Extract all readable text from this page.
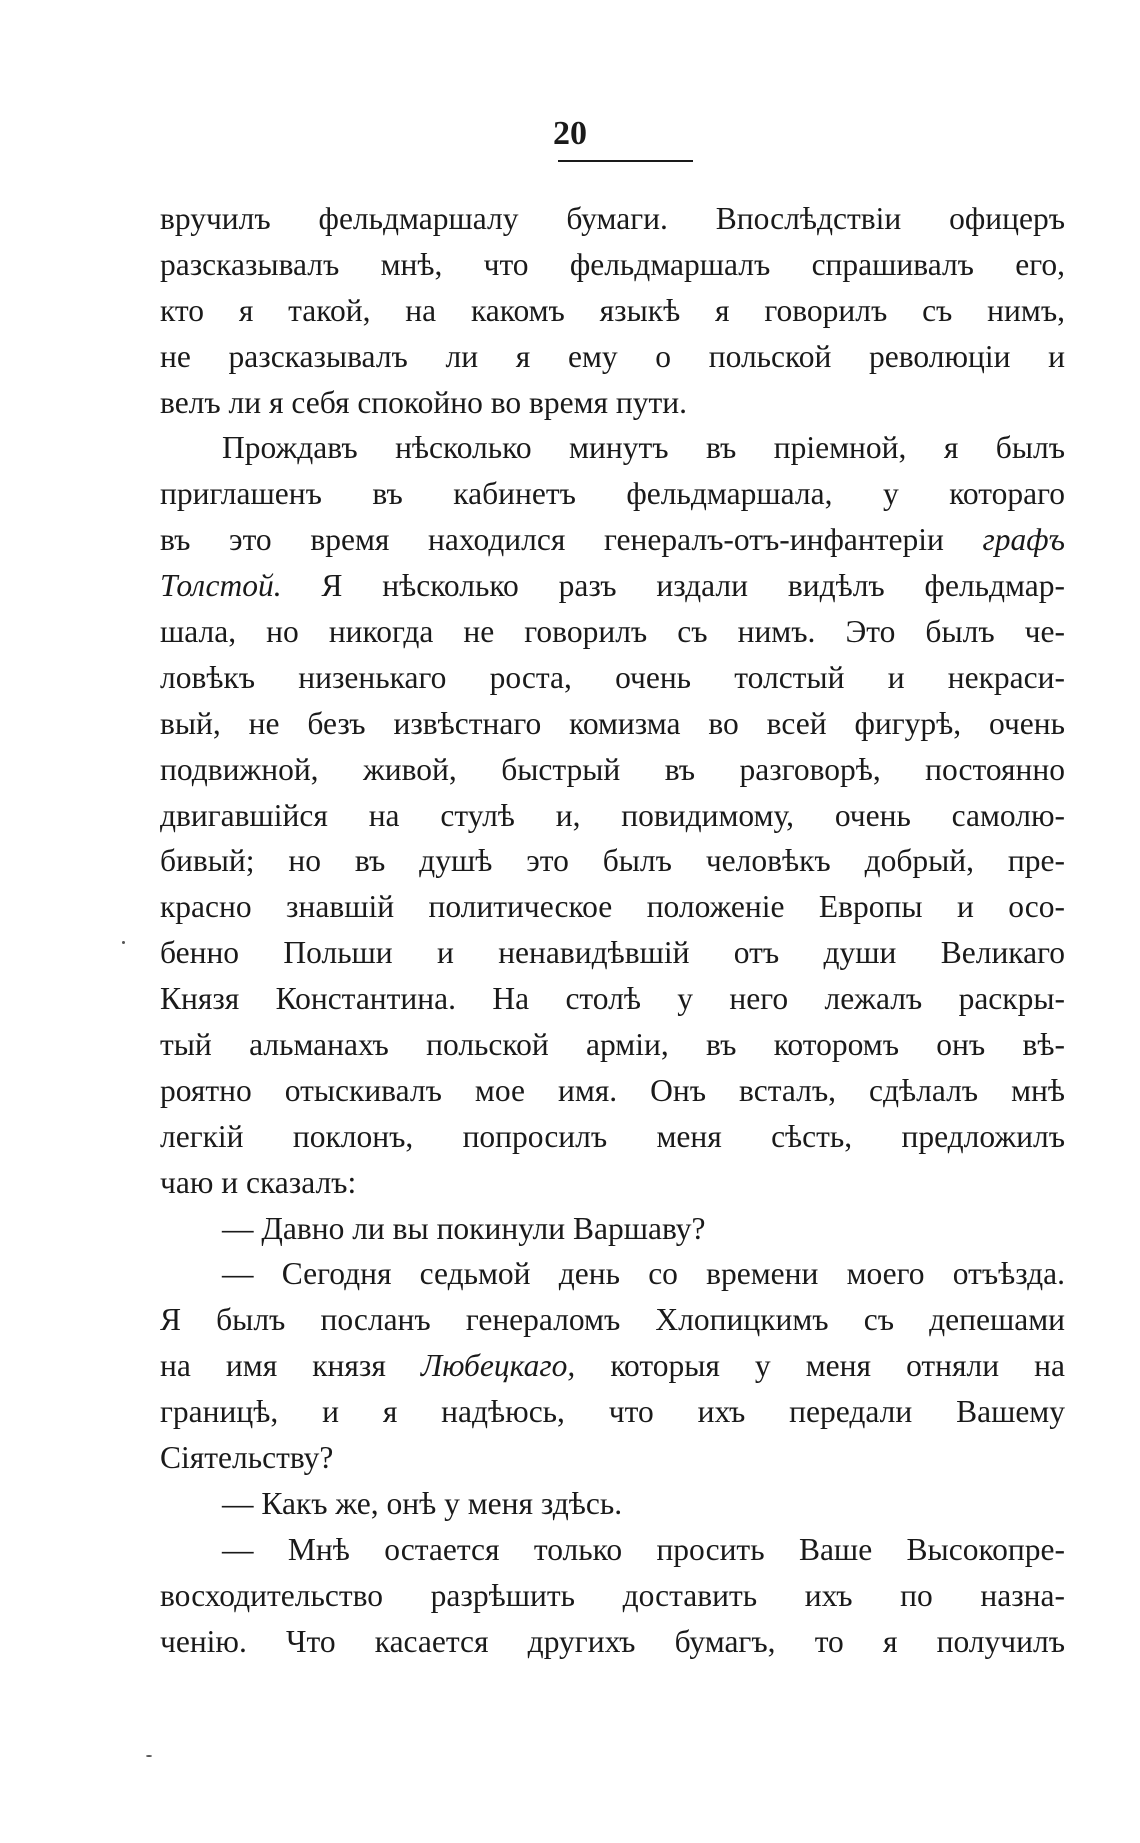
20
вручилъ фельдмаршалу бумаги. Впослѣдствіи офицеръ
разсказывалъ мнѣ, что фельдмаршалъ спрашивалъ его,
кто я такой, на какомъ языкѣ я говорилъ съ нимъ,
не разсказывалъ ли я ему о польской революціи и
велъ ли я себя спокойно во время пути.
Прождавъ нѣсколько минутъ въ пріемной, я былъ
приглашенъ въ кабинетъ фельдмаршала, у котораго
въ это время находился генералъ-отъ-инфантеріи графъ
Толстой. Я нѣсколько разъ издали видѣлъ фельдмар-
шала, но никогда не говорилъ съ нимъ. Это былъ че-
ловѣкъ низенькаго роста, очень толстый и некраси-
вый, не безъ извѣстнаго комизма во всей фигурѣ, очень
подвижной, живой, быстрый въ разговорѣ, постоянно
двигавшійся на стулѣ и, повидимому, очень самолю-
бивый; но въ душѣ это былъ человѣкъ добрый, пре-
красно знавшій политическое положеніе Европы и осо-
бенно Польши и ненавидѣвшій отъ души Великаго
Князя Константина. На столѣ у него лежалъ раскры-
тый альманахъ польской арміи, въ которомъ онъ вѣ-
роятно отыскивалъ мое имя. Онъ всталъ, сдѣлалъ мнѣ
легкій поклонъ, попросилъ меня сѣсть, предложилъ
чаю и сказалъ:
— Давно ли вы покинули Варшаву?
— Сегодня седьмой день со времени моего отъѣзда.
Я былъ посланъ генераломъ Хлопицкимъ съ депешами
на имя князя Любецкаго, которыя у меня отняли на
границѣ, и я надѣюсь, что ихъ передали Вашему
Сіятельству?
— Какъ же, онѣ у меня здѣсь.
— Мнѣ остается только просить Ваше Высокопре-
восходительство разрѣшить доставить ихъ по назна-
ченію. Что касается другихъ бумагъ, то я получилъ
